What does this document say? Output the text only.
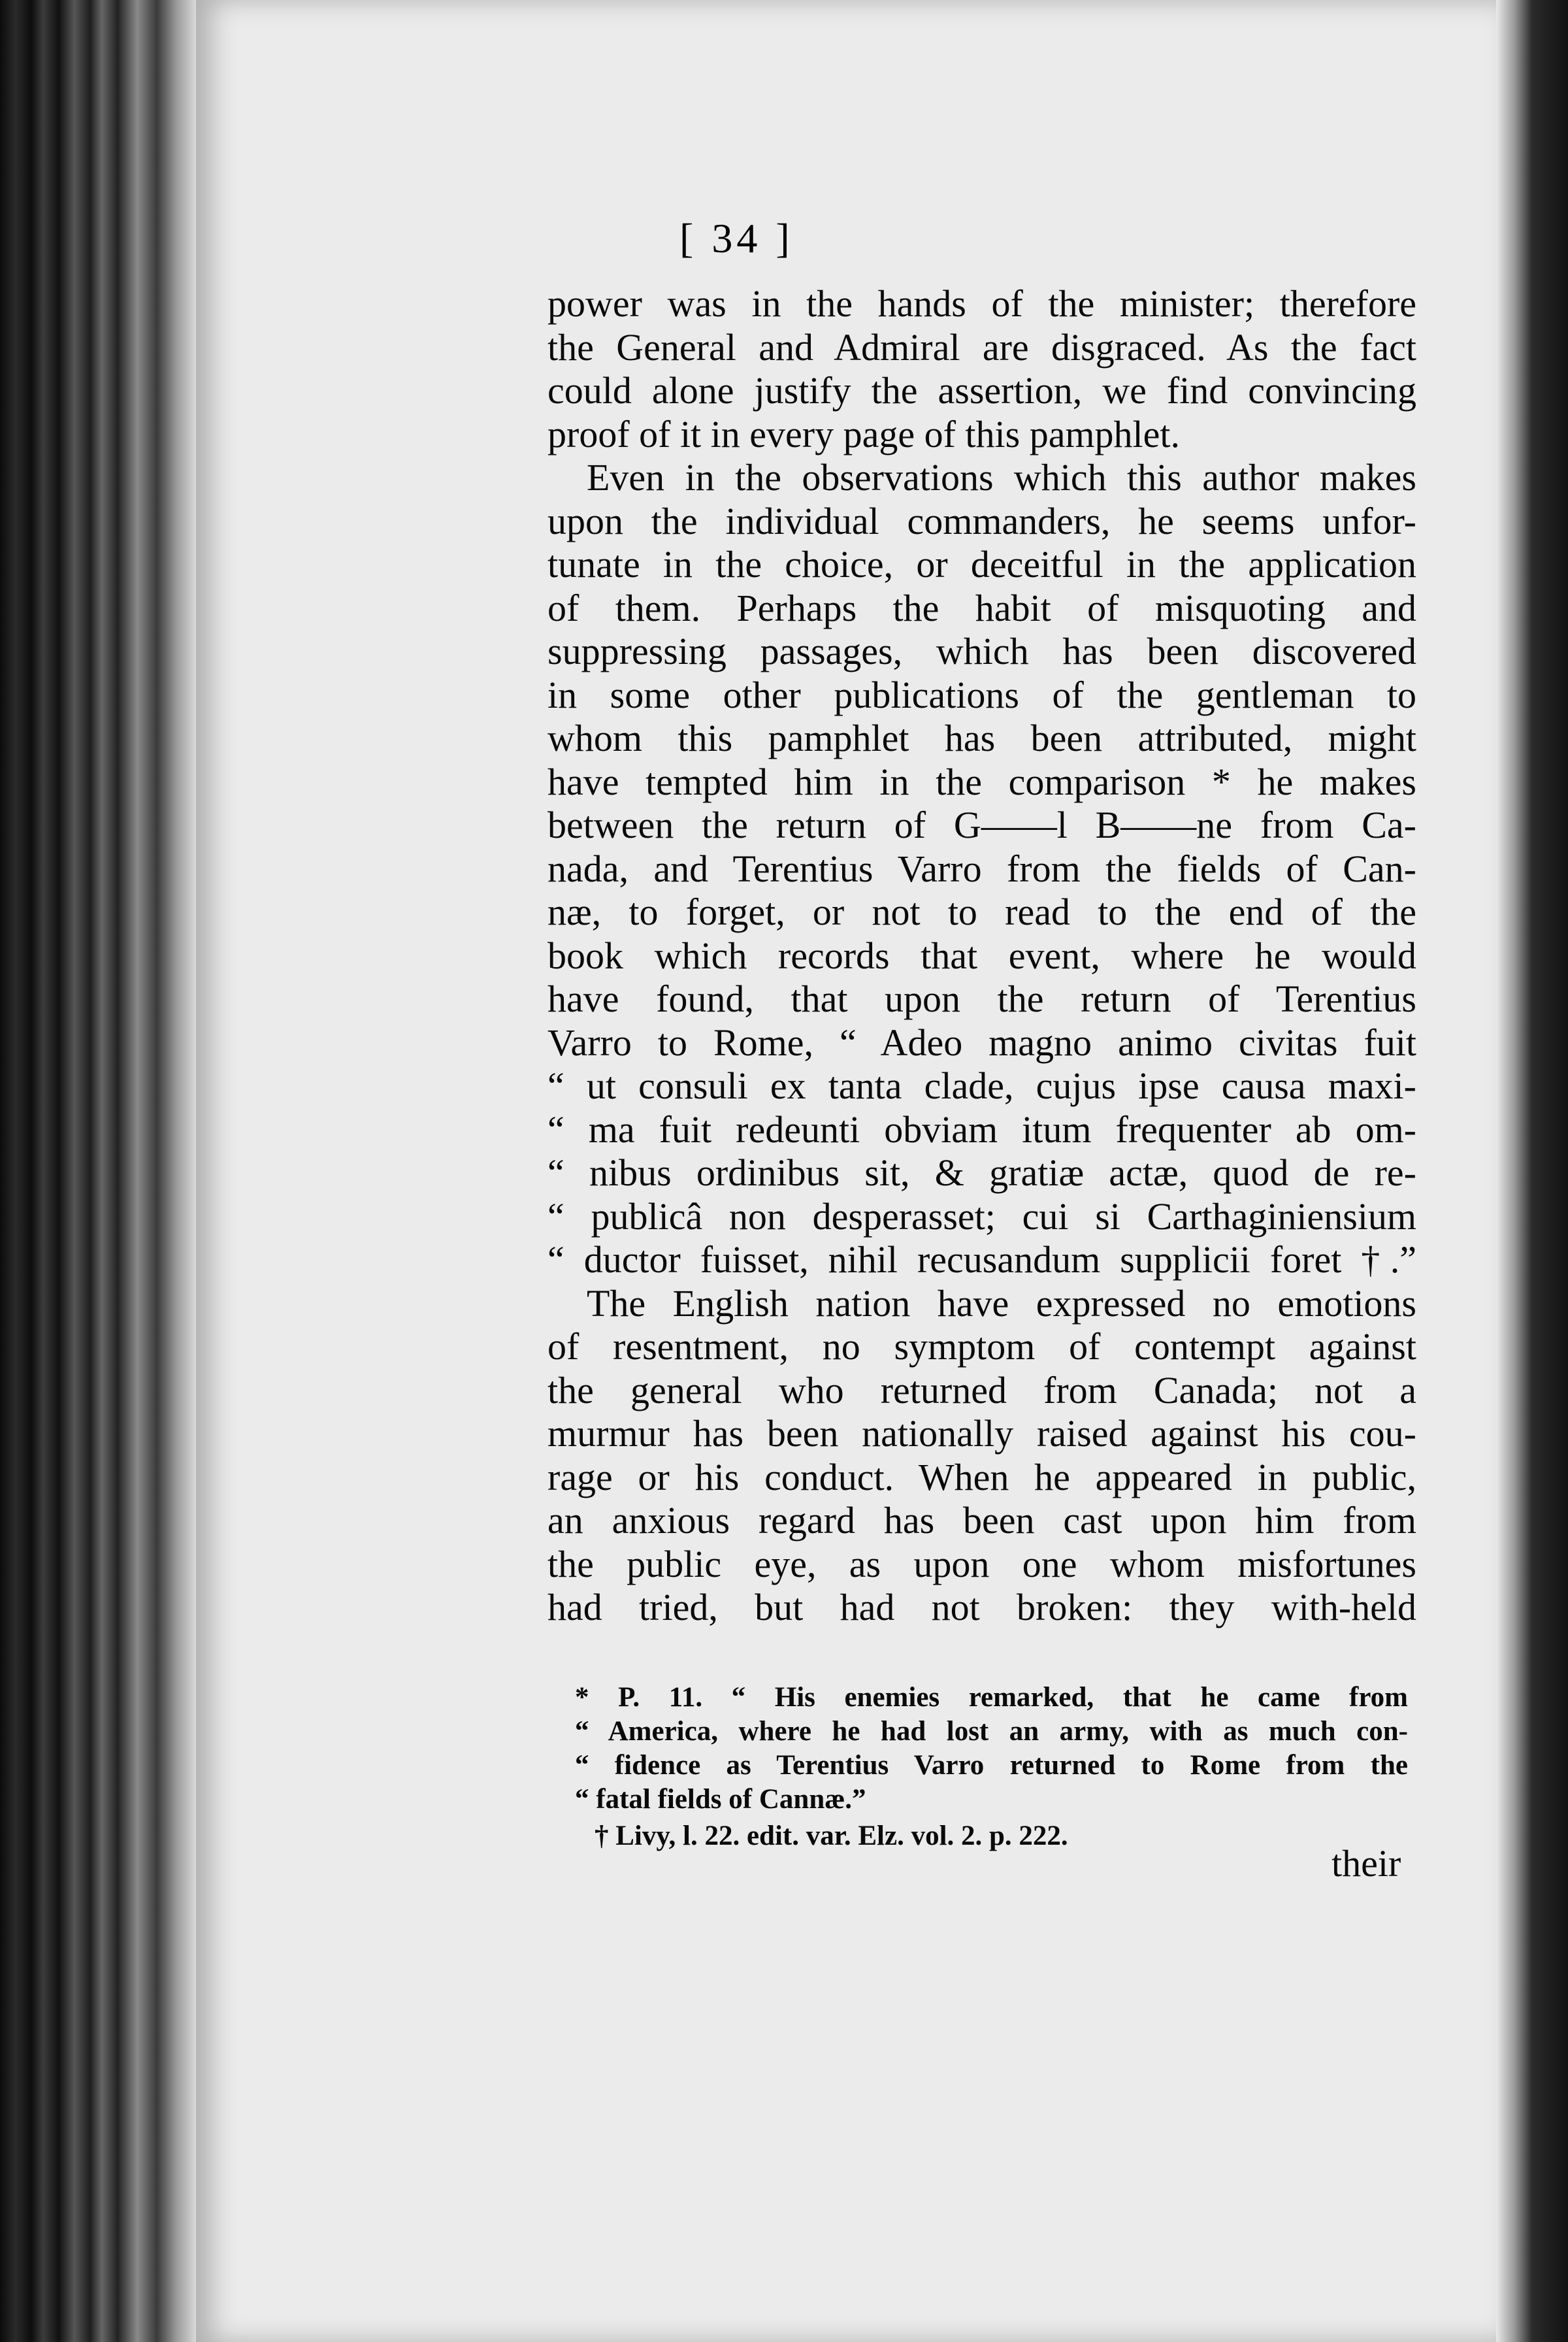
[ 34 ]
power was in the hands of the minister; therefore
the General and Admiral are disgraced. As the fact
could alone justify the assertion, we find convincing
proof of it in every page of this pamphlet.
Even in the observations which this author makes
upon the individual commanders, he seems unfor-
tunate in the choice, or deceitful in the application
of them. Perhaps the habit of misquoting and
suppressing passages, which has been discovered
in some other publications of the gentleman to
whom this pamphlet has been attributed, might
have tempted him in the comparison * he makes
between the return of G——l B——ne from Ca-
nada, and Terentius Varro from the fields of Can-
næ, to forget, or not to read to the end of the
book which records that event, where he would
have found, that upon the return of Terentius
Varro to Rome, “ Adeo magno animo civitas fuit
“ ut consuli ex tanta clade, cujus ipse causa maxi-
“ ma fuit redeunti obviam itum frequenter ab om-
“ nibus ordinibus sit, & gratiæ actæ, quod de re-
“ publicâ non desperasset; cui si Carthaginiensium
“ ductor fuisset, nihil recusandum supplicii foret †.”
The English nation have expressed no emotions
of resentment, no symptom of contempt against
the general who returned from Canada; not a
murmur has been nationally raised against his cou-
rage or his conduct. When he appeared in public,
an anxious regard has been cast upon him from
the public eye, as upon one whom misfortunes
had tried, but had not broken: they with-held
* P. 11. “ His enemies remarked, that he came from
“ America, where he had lost an army, with as much con-
“ fidence as Terentius Varro returned to Rome from the
“ fatal fields of Cannæ.”
† Livy, l. 22. edit. var. Elz. vol. 2. p. 222.
their
